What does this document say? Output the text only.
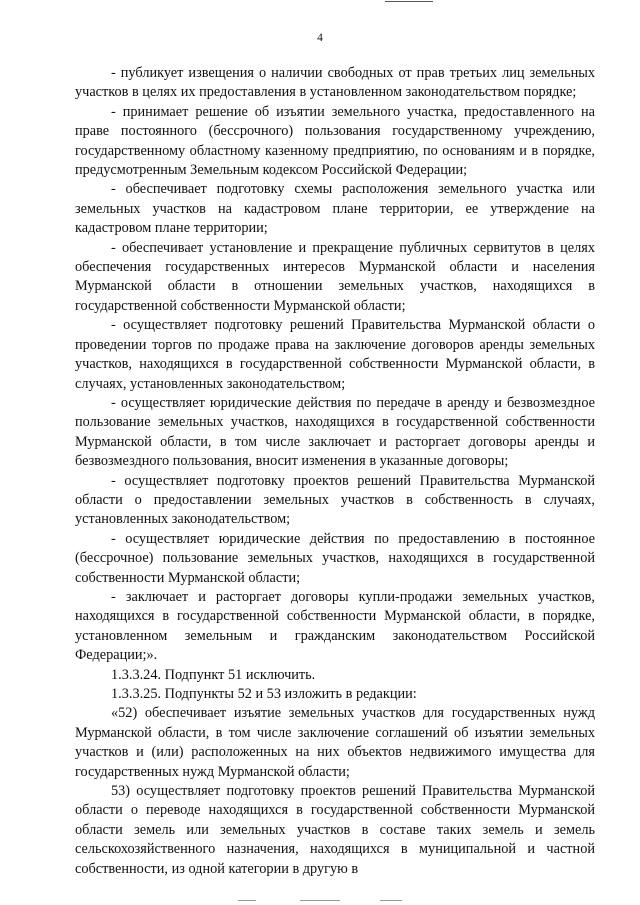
4

- публикует извещения о наличии свободных от прав третьих лиц земельных участков в целях их предоставления в установленном законодательством порядке;

- принимает решение об изъятии земельного участка, предоставленного на праве постоянного (бессрочного) пользования государственному учреждению, государственному областному казенному предприятию, по основаниям и в порядке, предусмотренным Земельным кодексом Российской Федерации;

- обеспечивает подготовку схемы расположения земельного участка или земельных участков на кадастровом плане территории, ее утверждение на кадастровом плане территории;

- обеспечивает установление и прекращение публичных сервитутов в целях обеспечения государственных интересов Мурманской области и населения Мурманской области в отношении земельных участков, находящихся в государственной собственности Мурманской области;

- осуществляет подготовку решений Правительства Мурманской области о проведении торгов по продаже права на заключение договоров аренды земельных участков, находящихся в государственной собственности Мурманской области, в случаях, установленных законодательством;

- осуществляет юридические действия по передаче в аренду и безвозмездное пользование земельных участков, находящихся в государственной собственности Мурманской области, в том числе заключает и расторгает договоры аренды и безвозмездного пользования, вносит изменения в указанные договоры;

- осуществляет подготовку проектов решений Правительства Мурманской области о предоставлении земельных участков в собственность в случаях, установленных законодательством;

- осуществляет юридические действия по предоставлению в постоянное (бессрочное) пользование земельных участков, находящихся в государственной собственности Мурманской области;

- заключает и расторгает договоры купли-продажи земельных участков, находящихся в государственной собственности Мурманской области, в порядке, установленном земельным и гражданским законодательством Российской Федерации;».

1.3.3.24. Подпункт 51 исключить.

1.3.3.25. Подпункты 52 и 53 изложить в редакции:

«52) обеспечивает изъятие земельных участков для государственных нужд Мурманской области, в том числе заключение соглашений об изъятии земельных участков и (или) расположенных на них объектов недвижимого имущества для государственных нужд Мурманской области;

53) осуществляет подготовку проектов решений Правительства Мурманской области о переводе находящихся в государственной собственности Мурманской области земель или земельных участков в составе таких земель и земель сельскохозяйственного назначения, находящихся в муниципальной и частной собственности, из одной категории в другую в
